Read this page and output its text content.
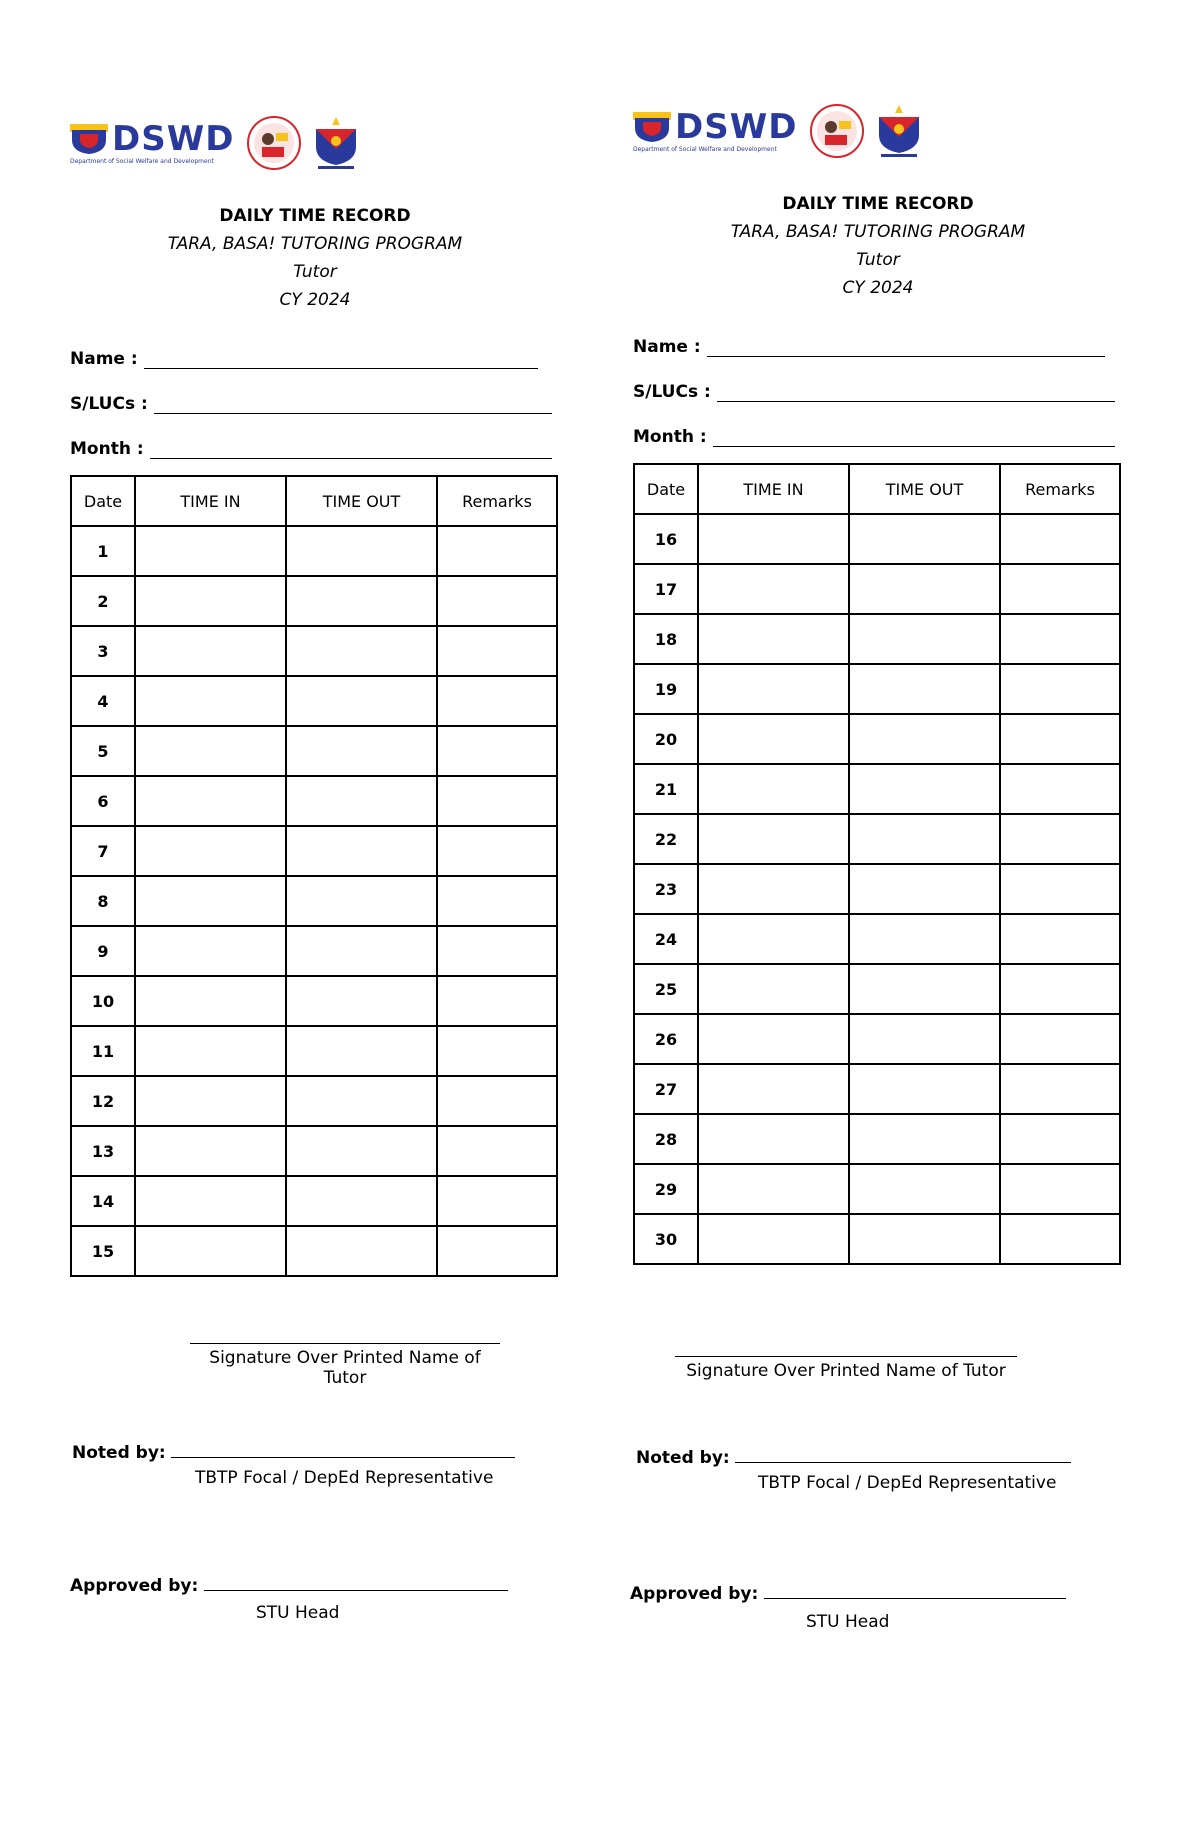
DSWD
Department of Social Welfare and Development
DAILY TIME RECORD
TARA, BASA! TUTORING PROGRAM
Tutor
CY 2024
Name :
S/LUCs :
Month :
Date	TIME IN	TIME OUT	Remarks
1			
2			
3			
4			
5			
6			
7			
8			
9			
10			
11			
12			
13			
14			
15			
DSWD
Department of Social Welfare and Development
DAILY TIME RECORD
TARA, BASA! TUTORING PROGRAM
Tutor
CY 2024
Name :
S/LUCs :
Month :
Date	TIME IN	TIME OUT	Remarks
16			
17			
18			
19			
20			
21			
22			
23			
24			
25			
26			
27			
28			
29			
30			
Signature Over Printed Name of Tutor
Noted by:
TBTP Focal / DepEd Representative
Approved by:
STU Head
Signature Over Printed Name of Tutor
Noted by:
TBTP Focal / DepEd Representative
Approved by:
STU Head
